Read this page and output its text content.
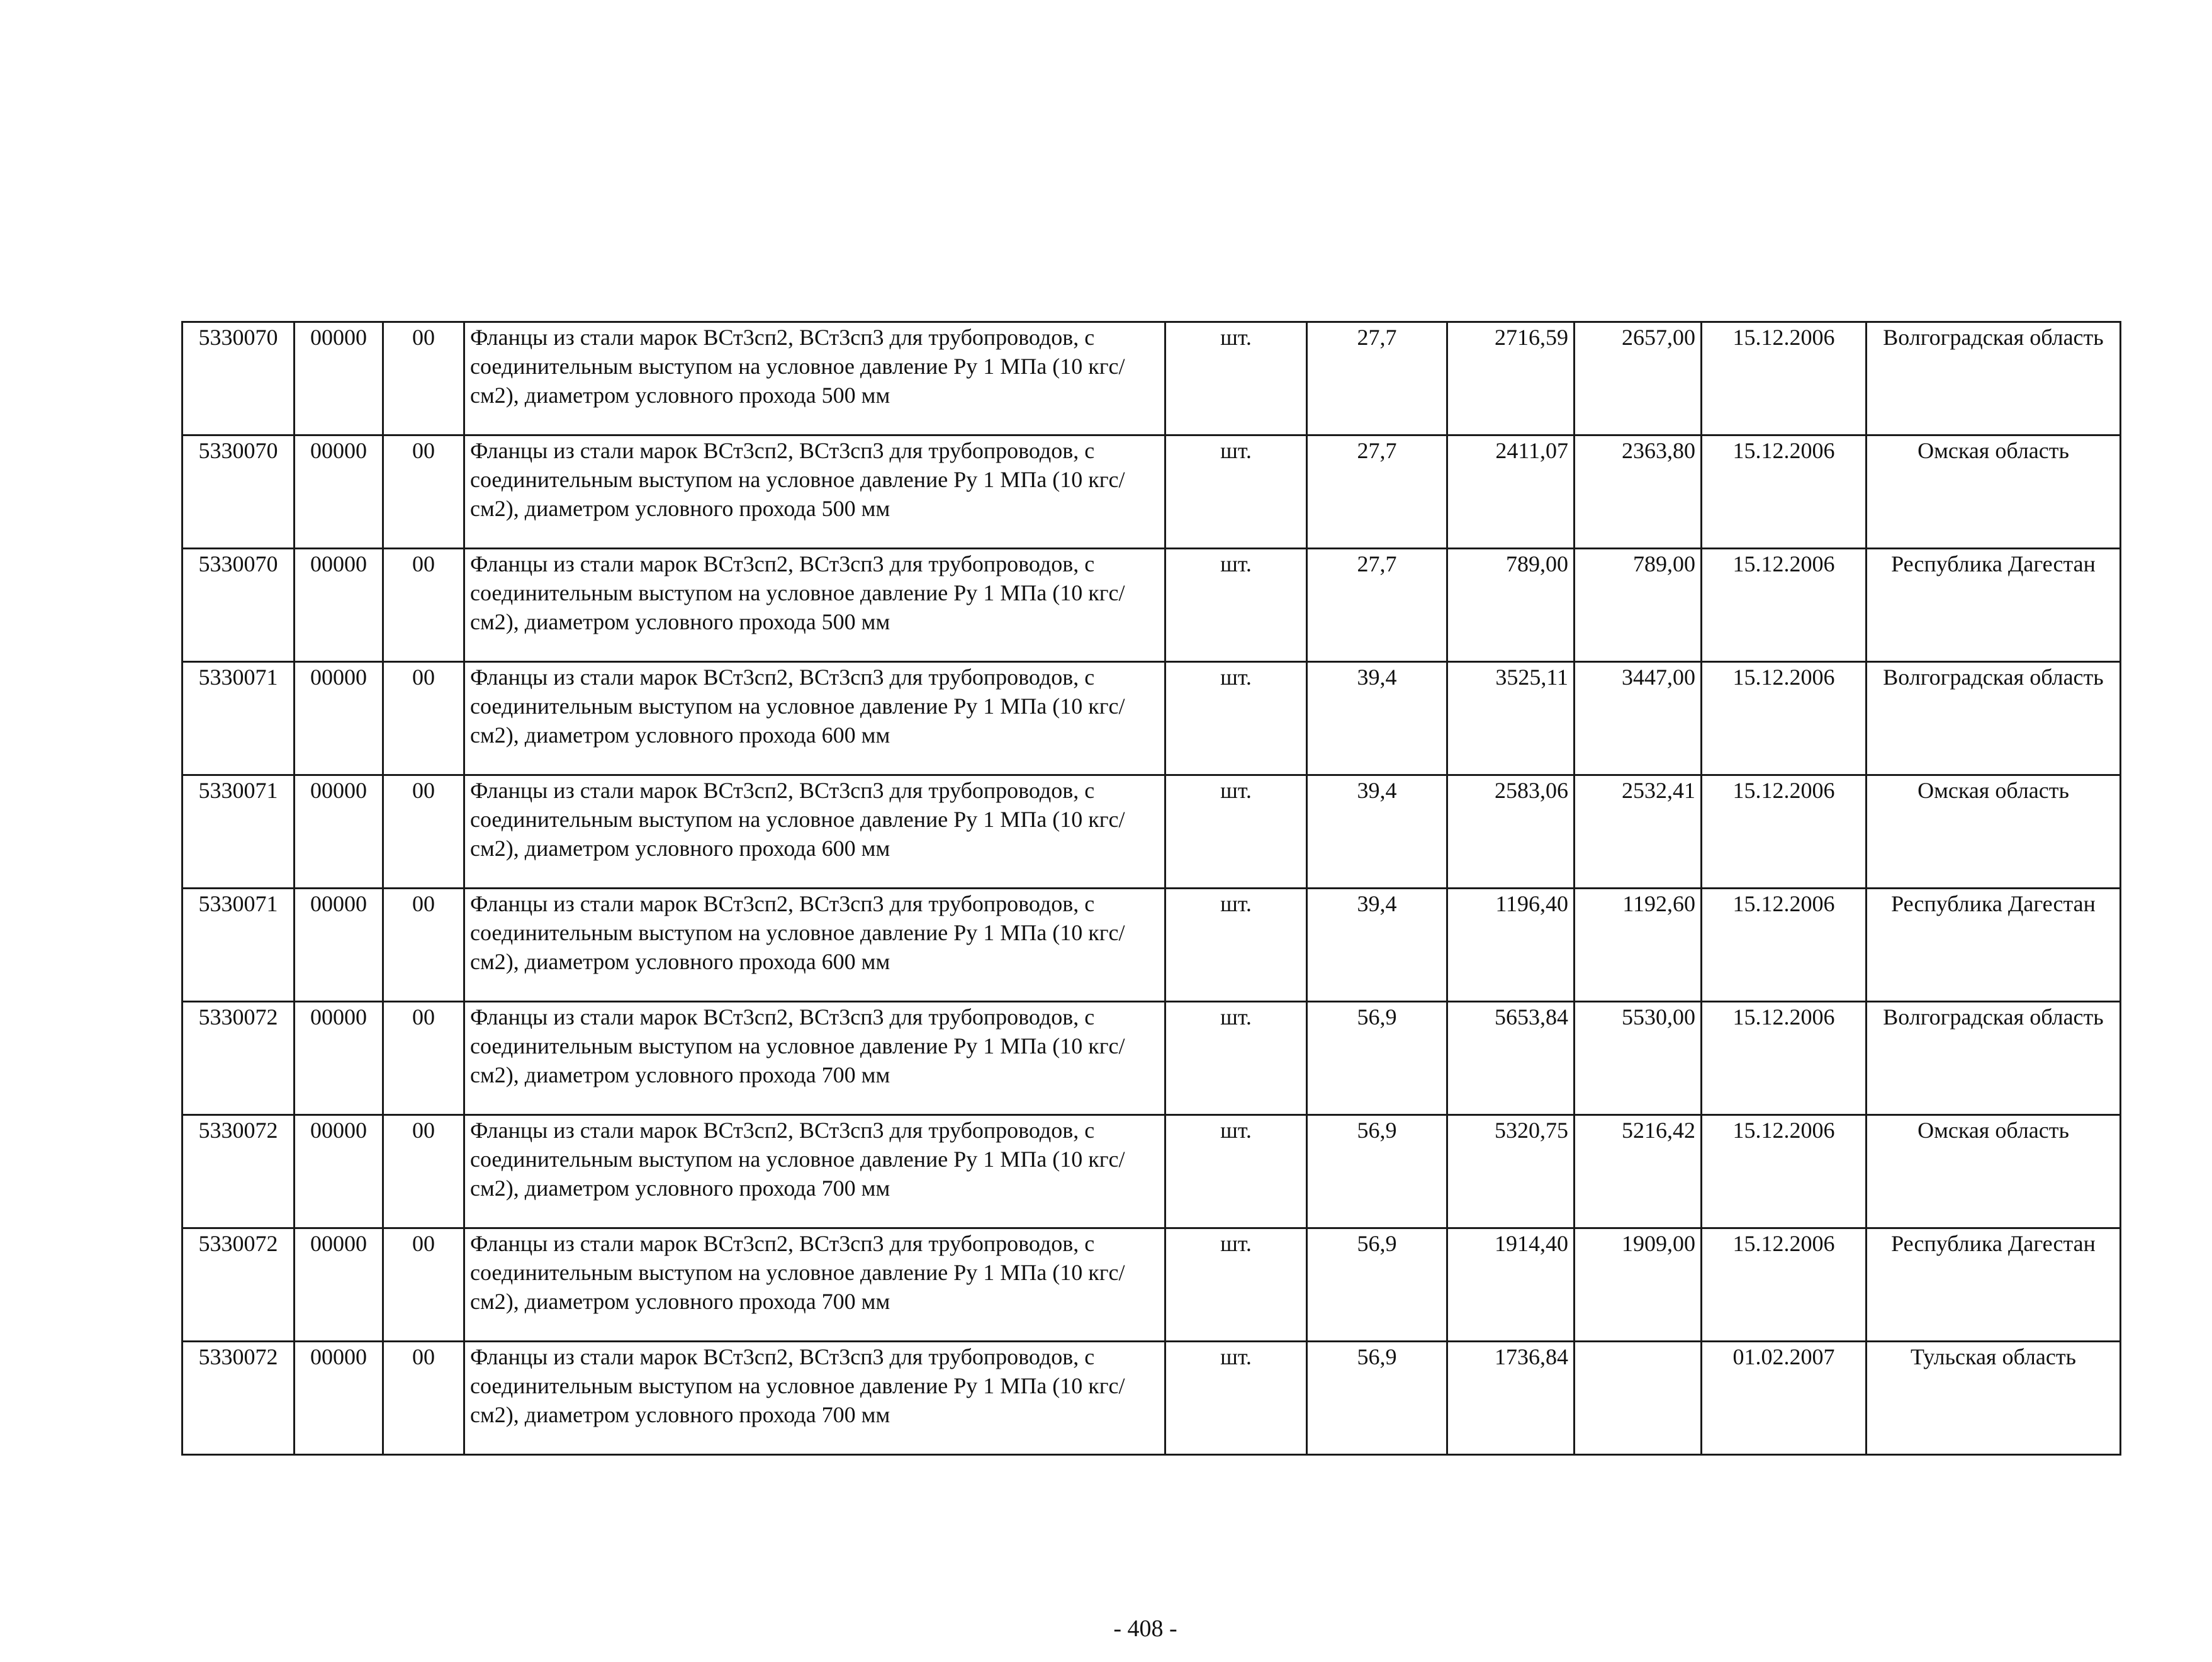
5330070	00000	00	Фланцы из стали марок ВСт3сп2, ВСт3сп3 для трубопроводов, с соединительным выступом на условное давление Ру 1 МПа (10 кгс/см2), диаметром условного прохода 500 мм	шт.	27,7	2716,59	2657,00	15.12.2006	Волгоградская область
5330070	00000	00	Фланцы из стали марок ВСт3сп2, ВСт3сп3 для трубопроводов, с соединительным выступом на условное давление Ру 1 МПа (10 кгс/см2), диаметром условного прохода 500 мм	шт.	27,7	2411,07	2363,80	15.12.2006	Омская область
5330070	00000	00	Фланцы из стали марок ВСт3сп2, ВСт3сп3 для трубопроводов, с соединительным выступом на условное давление Ру 1 МПа (10 кгс/см2), диаметром условного прохода 500 мм	шт.	27,7	789,00	789,00	15.12.2006	Республика Дагестан
5330071	00000	00	Фланцы из стали марок ВСт3сп2, ВСт3сп3 для трубопроводов, с соединительным выступом на условное давление Ру 1 МПа (10 кгс/см2), диаметром условного прохода 600 мм	шт.	39,4	3525,11	3447,00	15.12.2006	Волгоградская область
5330071	00000	00	Фланцы из стали марок ВСт3сп2, ВСт3сп3 для трубопроводов, с соединительным выступом на условное давление Ру 1 МПа (10 кгс/см2), диаметром условного прохода 600 мм	шт.	39,4	2583,06	2532,41	15.12.2006	Омская область
5330071	00000	00	Фланцы из стали марок ВСт3сп2, ВСт3сп3 для трубопроводов, с соединительным выступом на условное давление Ру 1 МПа (10 кгс/см2), диаметром условного прохода 600 мм	шт.	39,4	1196,40	1192,60	15.12.2006	Республика Дагестан
5330072	00000	00	Фланцы из стали марок ВСт3сп2, ВСт3сп3 для трубопроводов, с соединительным выступом на условное давление Ру 1 МПа (10 кгс/см2), диаметром условного прохода 700 мм	шт.	56,9	5653,84	5530,00	15.12.2006	Волгоградская область
5330072	00000	00	Фланцы из стали марок ВСт3сп2, ВСт3сп3 для трубопроводов, с соединительным выступом на условное давление Ру 1 МПа (10 кгс/см2), диаметром условного прохода 700 мм	шт.	56,9	5320,75	5216,42	15.12.2006	Омская область
5330072	00000	00	Фланцы из стали марок ВСт3сп2, ВСт3сп3 для трубопроводов, с соединительным выступом на условное давление Ру 1 МПа (10 кгс/см2), диаметром условного прохода 700 мм	шт.	56,9	1914,40	1909,00	15.12.2006	Республика Дагестан
5330072	00000	00	Фланцы из стали марок ВСт3сп2, ВСт3сп3 для трубопроводов, с соединительным выступом на условное давление Ру 1 МПа (10 кгс/см2), диаметром условного прохода 700 мм	шт.	56,9	1736,84		01.02.2007	Тульская область
- 408 -
